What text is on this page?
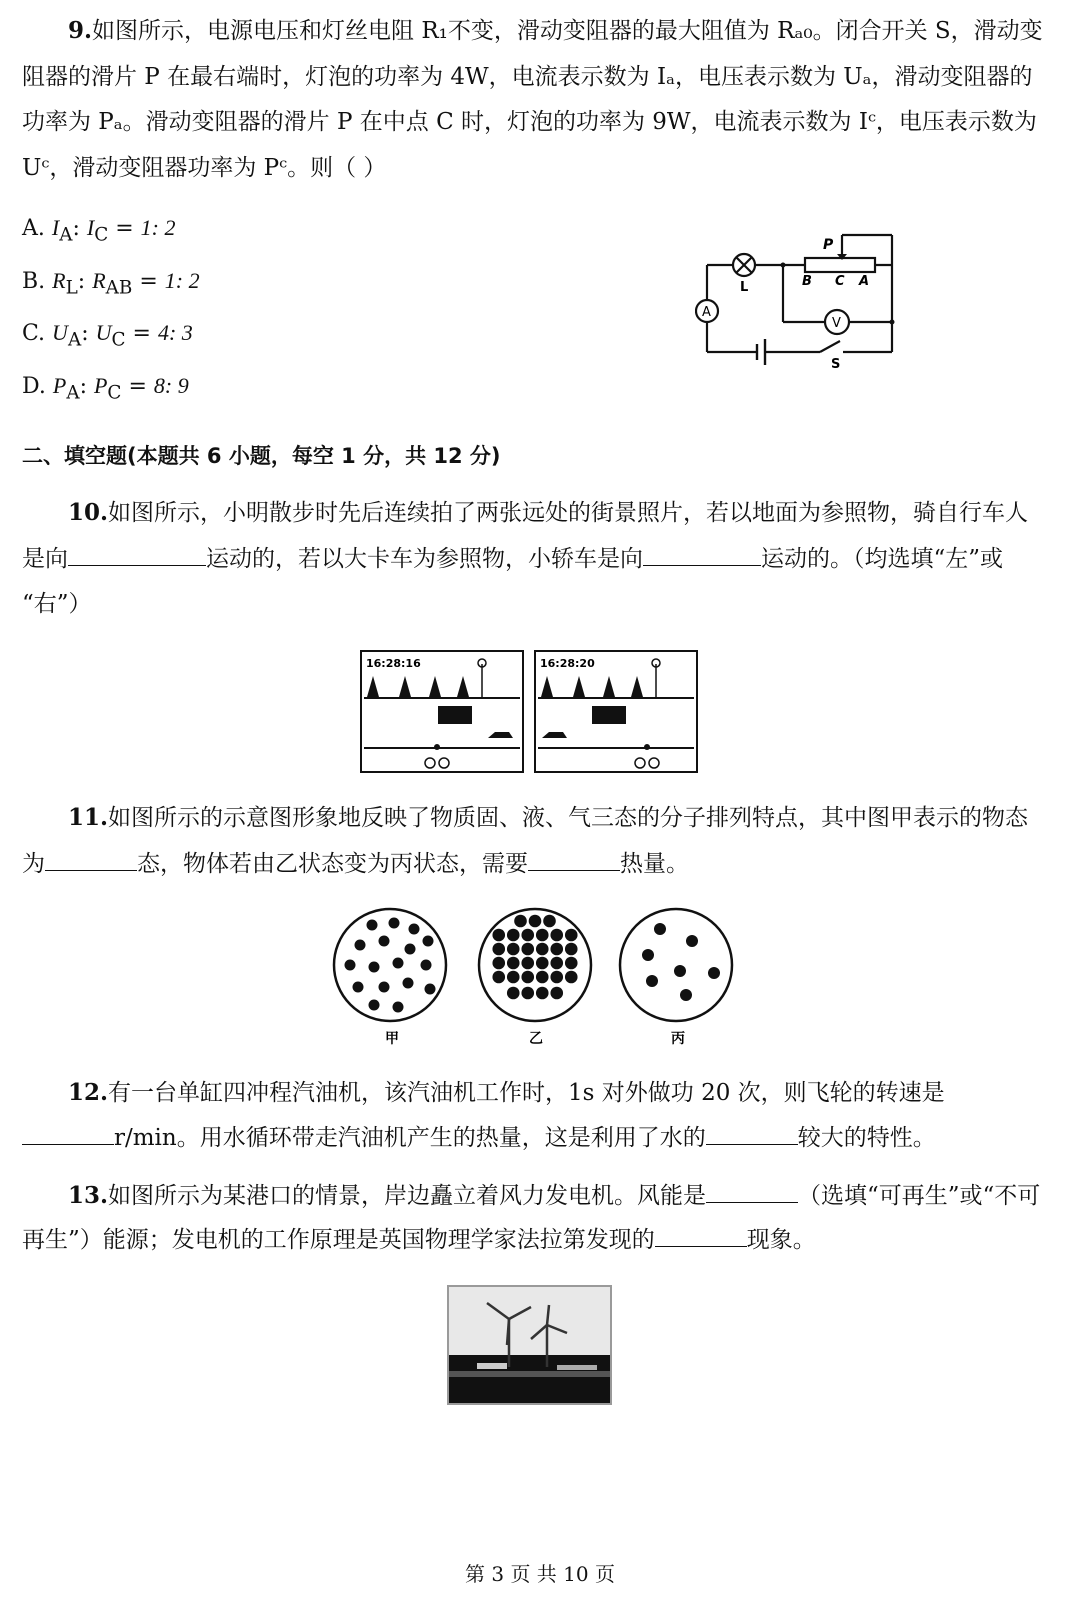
9.如图所示，电源电压和灯丝电阻 R₁不变，滑动变阻器的最大阻值为 Rₐ₀。闭合开关 S，滑动变
阻器的滑片 P 在最右端时，灯泡的功率为 4W，电流表示数为 Iₐ，电压表示数为 Uₐ，滑动变阻器的
功率为 Pₐ。滑动变阻器的滑片 P 在中点 C 时，灯泡的功率为 9W，电流表示数为 Iᶜ，电压表示数为
Uᶜ，滑动变阻器功率为 Pᶜ。则（ ）
A. $I_A$: $I_C = 1$: 2
B. $R_L$: $R_{AB} = 1$: 2
C. $U_A$: $U_C = 4$: 3
D. $P_A$: $P_C = 8$: 9
P
B C A
L
A
V
S
二、填空题(本题共 6 小题，每空 1 分，共 12 分)
10.如图所示，小明散步时先后连续拍了两张远处的街景照片，若以地面为参照物，骑自行车人
是向	运动的，若以大卡车为参照物，小轿车是向	运动的。（均选填“左”或
“右”）
16:28:16	16:28:20
11.如图所示的示意图形象地反映了物质固、液、气三态的分子排列特点，其中图甲表示的物态
为	态，物体若由乙状态变为丙状态，需要	热量。
甲	乙	丙
12.有一台单缸四冲程汽油机，该汽油机工作时，1s 对外做功 20 次，则飞轮的转速是
r/min。用水循环带走汽油机产生的热量，这是利用了水的	较大的特性。
13.如图所示为某港口的情景，岸边矗立着风力发电机。风能是	（选填“可再生”或“不可
再生”）能源；发电机的工作原理是英国物理学家法拉第发现的	现象。
第 3 页 共 10 页
